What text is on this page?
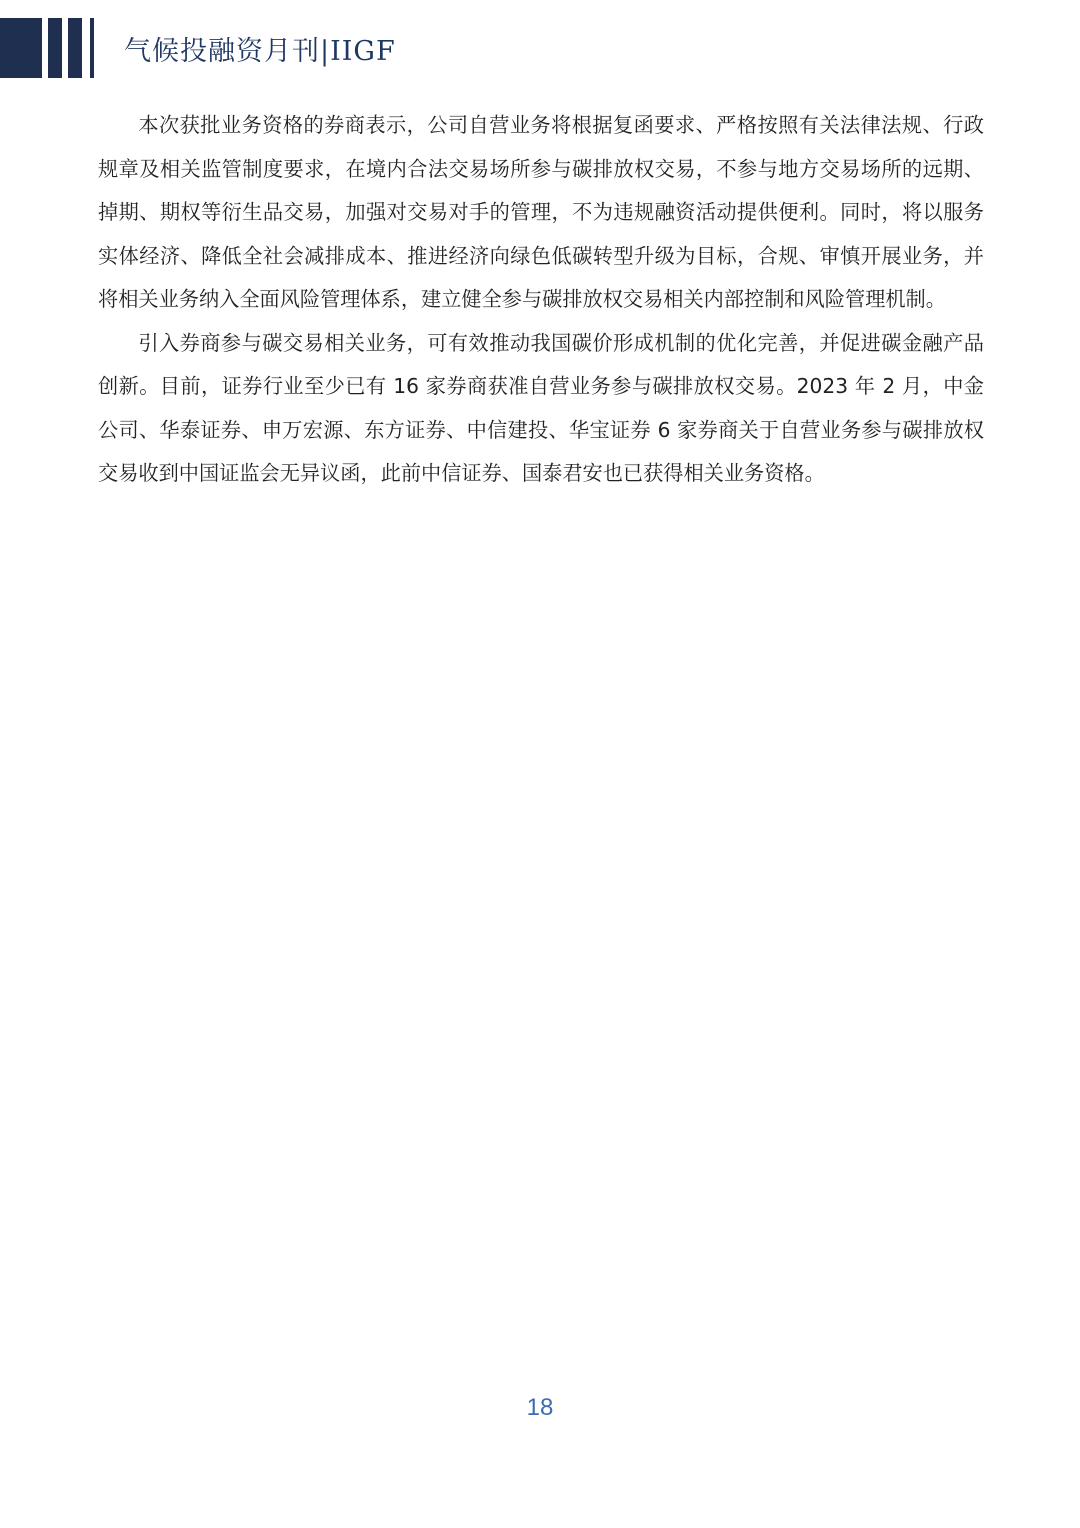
气候投融资月刊|IIGF

本次获批业务资格的券商表示，公司自营业务将根据复函要求、严格按照有关法律法规、行政规章及相关监管制度要求，在境内合法交易场所参与碳排放权交易，不参与地方交易场所的远期、掉期、期权等衍生品交易，加强对交易对手的管理，不为违规融资活动提供便利。同时，将以服务实体经济、降低全社会减排成本、推进经济向绿色低碳转型升级为目标，合规、审慎开展业务，并将相关业务纳入全面风险管理体系，建立健全参与碳排放权交易相关内部控制和风险管理机制。

引入券商参与碳交易相关业务，可有效推动我国碳价形成机制的优化完善，并促进碳金融产品创新。目前，证券行业至少已有 16 家券商获准自营业务参与碳排放权交易。2023 年 2 月，中金公司、华泰证券、申万宏源、东方证券、中信建投、华宝证券 6 家券商关于自营业务参与碳排放权交易收到中国证监会无异议函，此前中信证券、国泰君安也已获得相关业务资格。

18
